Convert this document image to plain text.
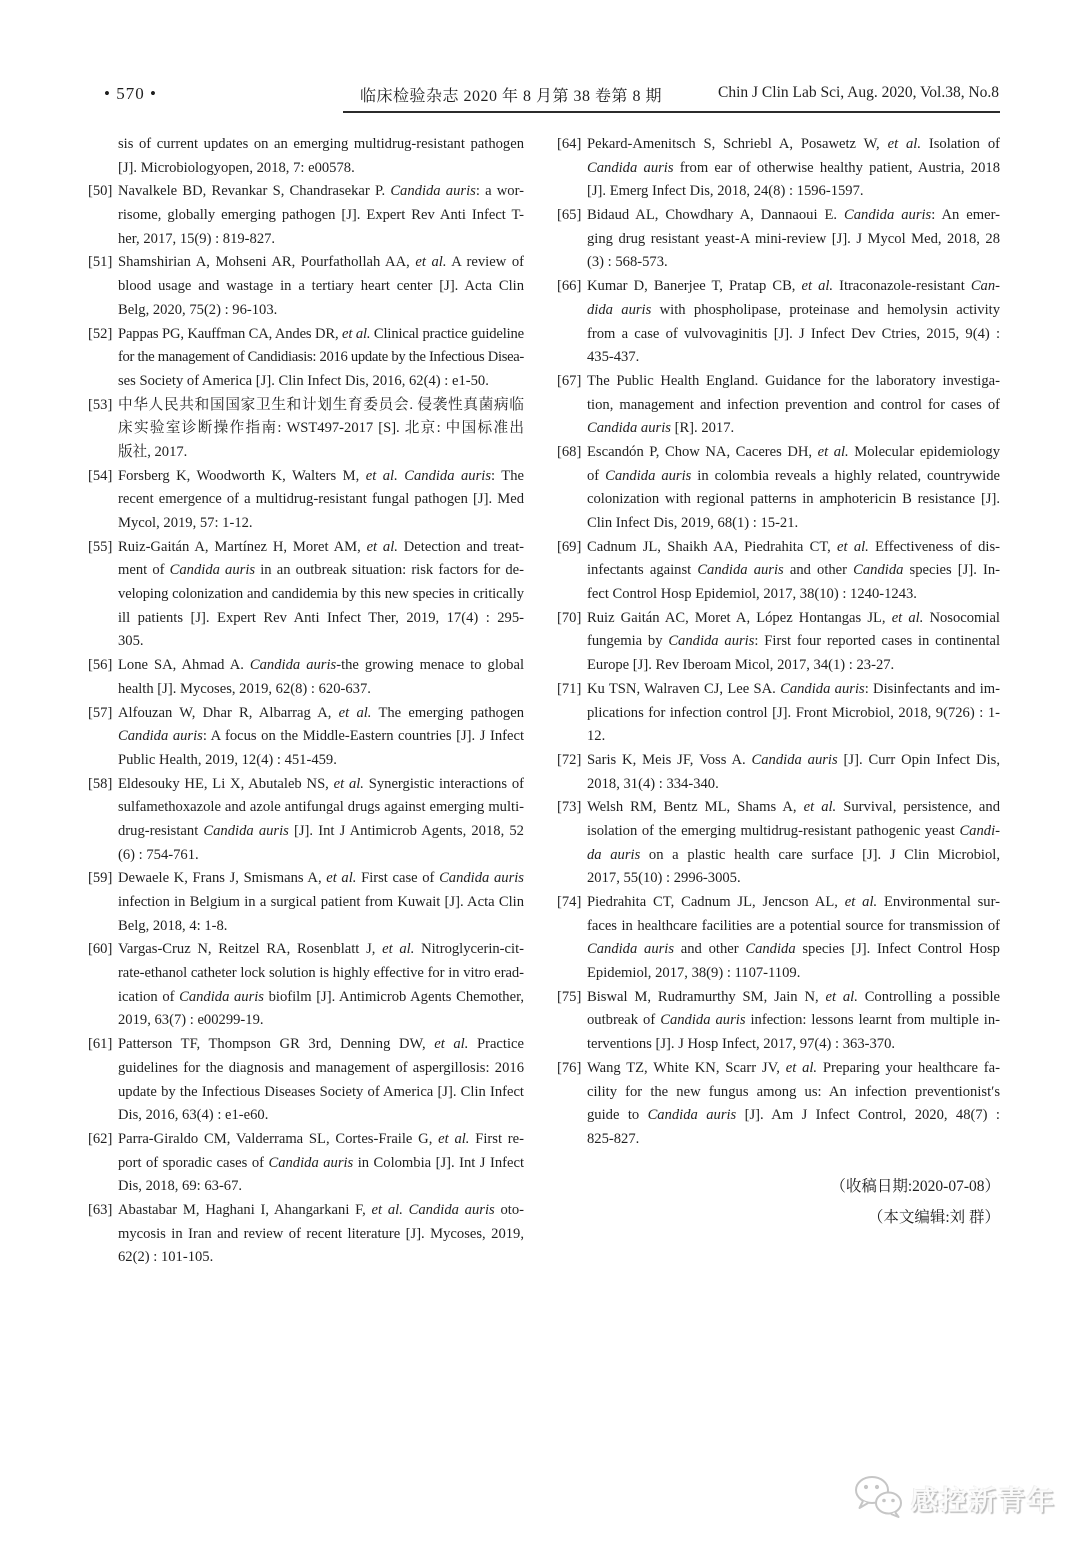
• 570 •	临床检验杂志 2020 年 8 月第 38 卷第 8 期	Chin J Clin Lab Sci, Aug. 2020, Vol.38, No.8
sis of current updates on an emerging multidrug-resistant pathogen
[J]. Microbiologyopen, 2018, 7: e00578.
[50] Navalkele BD, Revankar S, Chandrasekar P. Candida auris: a wor-
risome, globally emerging pathogen [J]. Expert Rev Anti Infect T-
her, 2017, 15(9) : 819-827.
[51] Shamshirian A, Mohseni AR, Pourfathollah AA, et al. A review of
blood usage and wastage in a tertiary heart center [J]. Acta Clin
Belg, 2020, 75(2) : 96-103.
[52] Pappas PG, Kauffman CA, Andes DR, et al. Clinical practice guideline
for the management of Candidiasis: 2016 update by the Infectious Disea-
ses Society of America [J]. Clin Infect Dis, 2016, 62(4) : e1-50.
[53] 中华人民共和国国家卫生和计划生育委员会. 侵袭性真菌病临
床实验室诊断操作指南: WST497-2017 [S]. 北京: 中国标准出
版社, 2017.
[54] Forsberg K, Woodworth K, Walters M, et al. Candida auris: The
recent emergence of a multidrug-resistant fungal pathogen [J]. Med
Mycol, 2019, 57: 1-12.
[55] Ruiz-Gaitán A, Martínez H, Moret AM, et al. Detection and treat-
ment of Candida auris in an outbreak situation: risk factors for de-
veloping colonization and candidemia by this new species in critically
ill patients [J]. Expert Rev Anti Infect Ther, 2019, 17(4) : 295-
305.
[56] Lone SA, Ahmad A. Candida auris-the growing menace to global
health [J]. Mycoses, 2019, 62(8) : 620-637.
[57] Alfouzan W, Dhar R, Albarrag A, et al. The emerging pathogen
Candida auris: A focus on the Middle-Eastern countries [J]. J Infect
Public Health, 2019, 12(4) : 451-459.
[58] Eldesouky HE, Li X, Abutaleb NS, et al. Synergistic interactions of
sulfamethoxazole and azole antifungal drugs against emerging multi-
drug-resistant Candida auris [J]. Int J Antimicrob Agents, 2018, 52
(6) : 754-761.
[59] Dewaele K, Frans J, Smismans A, et al. First case of Candida auris
infection in Belgium in a surgical patient from Kuwait [J]. Acta Clin
Belg, 2018, 4: 1-8.
[60] Vargas-Cruz N, Reitzel RA, Rosenblatt J, et al. Nitroglycerin-cit-
rate-ethanol catheter lock solution is highly effective for in vitro erad-
ication of Candida auris biofilm [J]. Antimicrob Agents Chemother,
2019, 63(7) : e00299-19.
[61] Patterson TF, Thompson GR 3rd, Denning DW, et al. Practice
guidelines for the diagnosis and management of aspergillosis: 2016
update by the Infectious Diseases Society of America [J]. Clin Infect
Dis, 2016, 63(4) : e1-e60.
[62] Parra-Giraldo CM, Valderrama SL, Cortes-Fraile G, et al. First re-
port of sporadic cases of Candida auris in Colombia [J]. Int J Infect
Dis, 2018, 69: 63-67.
[63] Abastabar M, Haghani I, Ahangarkani F, et al. Candida auris oto-
mycosis in Iran and review of recent literature [J]. Mycoses, 2019,
62(2) : 101-105.
[64] Pekard-Amenitsch S, Schriebl A, Posawetz W, et al. Isolation of
Candida auris from ear of otherwise healthy patient, Austria, 2018
[J]. Emerg Infect Dis, 2018, 24(8) : 1596-1597.
[65] Bidaud AL, Chowdhary A, Dannaoui E. Candida auris: An emer-
ging drug resistant yeast-A mini-review [J]. J Mycol Med, 2018, 28
(3) : 568-573.
[66] Kumar D, Banerjee T, Pratap CB, et al. Itraconazole-resistant Can-
dida auris with phospholipase, proteinase and hemolysin activity
from a case of vulvovaginitis [J]. J Infect Dev Ctries, 2015, 9(4) :
435-437.
[67] The Public Health England. Guidance for the laboratory investiga-
tion, management and infection prevention and control for cases of
Candida auris [R]. 2017.
[68] Escandón P, Chow NA, Caceres DH, et al. Molecular epidemiology
of Candida auris in colombia reveals a highly related, countrywide
colonization with regional patterns in amphotericin B resistance [J].
Clin Infect Dis, 2019, 68(1) : 15-21.
[69] Cadnum JL, Shaikh AA, Piedrahita CT, et al. Effectiveness of dis-
infectants against Candida auris and other Candida species [J]. In-
fect Control Hosp Epidemiol, 2017, 38(10) : 1240-1243.
[70] Ruiz Gaitán AC, Moret A, López Hontangas JL, et al. Nosocomial
fungemia by Candida auris: First four reported cases in continental
Europe [J]. Rev Iberoam Micol, 2017, 34(1) : 23-27.
[71] Ku TSN, Walraven CJ, Lee SA. Candida auris: Disinfectants and im-
plications for infection control [J]. Front Microbiol, 2018, 9(726) : 1-
12.
[72] Saris K, Meis JF, Voss A. Candida auris [J]. Curr Opin Infect Dis,
2018, 31(4) : 334-340.
[73] Welsh RM, Bentz ML, Shams A, et al. Survival, persistence, and
isolation of the emerging multidrug-resistant pathogenic yeast Candi-
da auris on a plastic health care surface [J]. J Clin Microbiol,
2017, 55(10) : 2996-3005.
[74] Piedrahita CT, Cadnum JL, Jencson AL, et al. Environmental sur-
faces in healthcare facilities are a potential source for transmission of
Candida auris and other Candida species [J]. Infect Control Hosp
Epidemiol, 2017, 38(9) : 1107-1109.
[75] Biswal M, Rudramurthy SM, Jain N, et al. Controlling a possible
outbreak of Candida auris infection: lessons learnt from multiple in-
terventions [J]. J Hosp Infect, 2017, 97(4) : 363-370.
[76] Wang TZ, White KN, Scarr JV, et al. Preparing your healthcare fa-
cility for the new fungus among us: An infection preventionist′s
guide to Candida auris [J]. Am J Infect Control, 2020, 48(7) :
825-827.
（收稿日期:2020-07-08）
（本文编辑:刘 群）
感控新青年
